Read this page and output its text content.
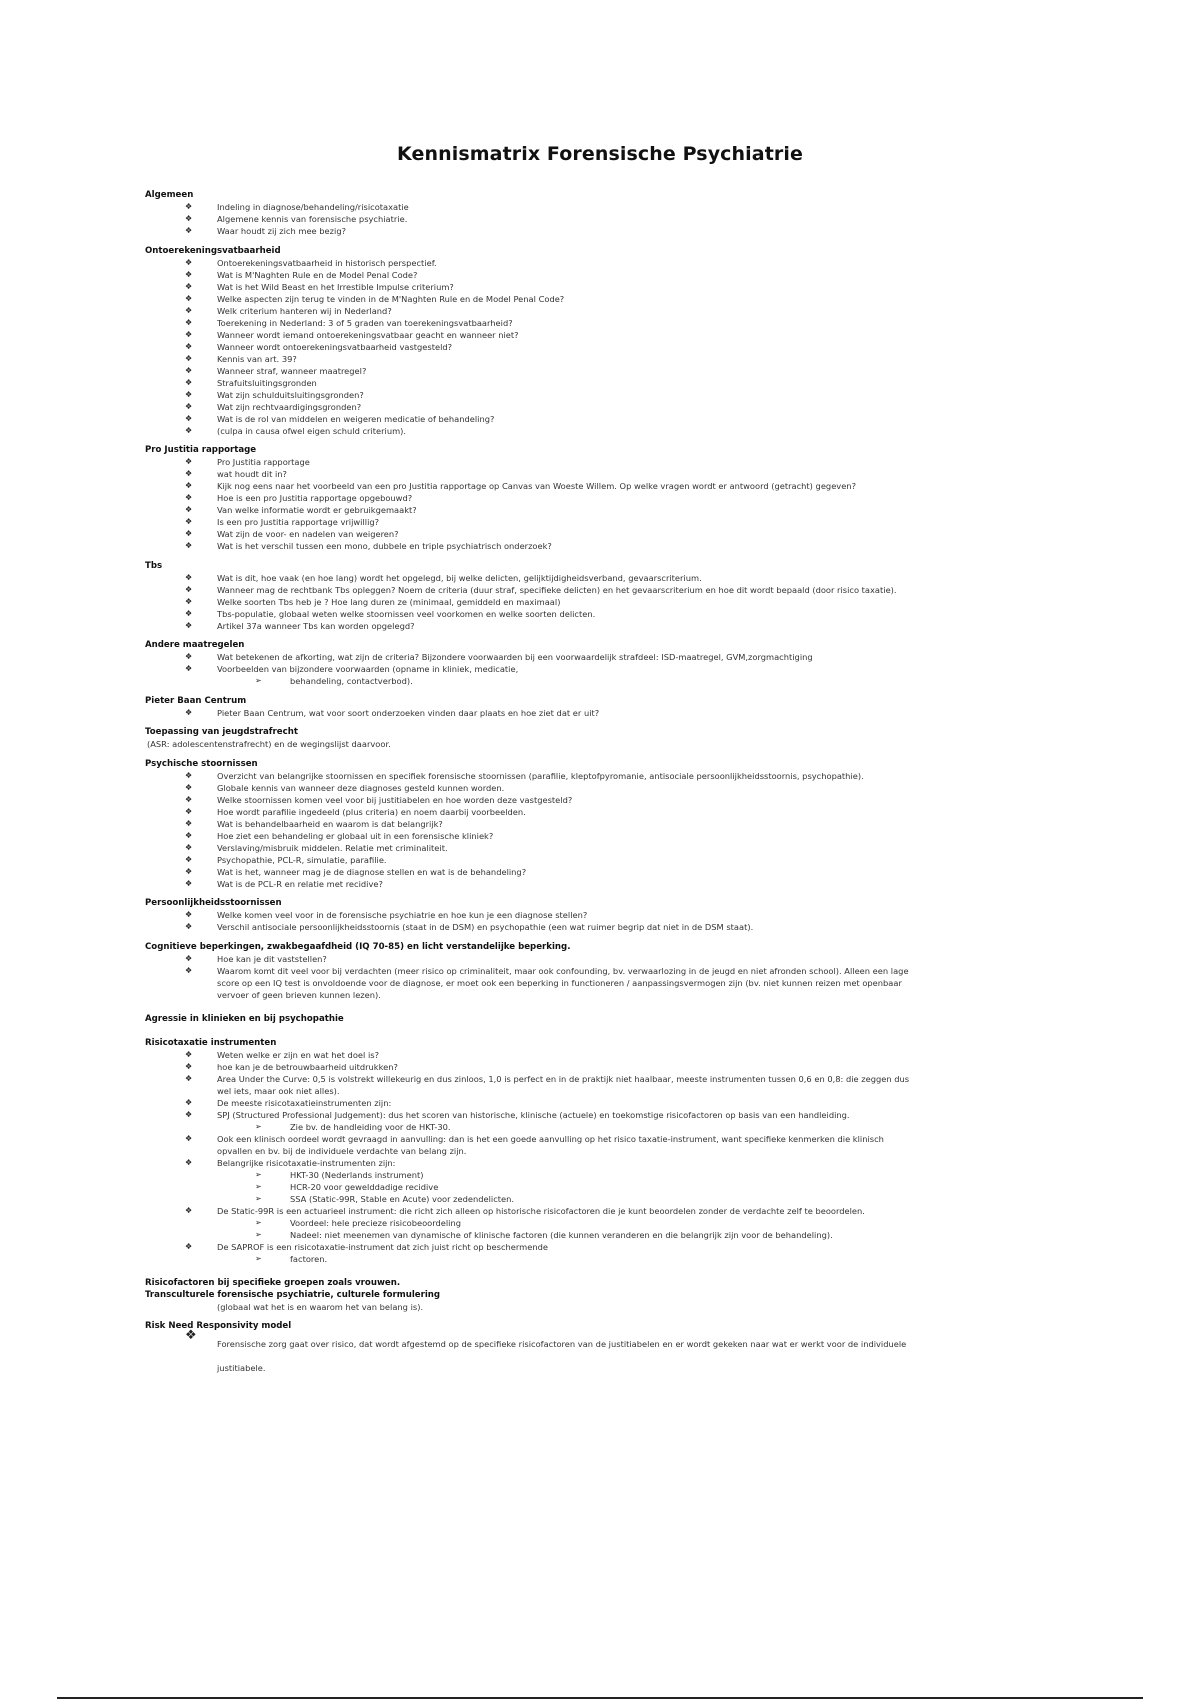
Kennismatrix Forensische Psychiatrie
Algemeen
❖	Indeling in diagnose/behandeling/risicotaxatie
❖	Algemene kennis van forensische psychiatrie.
❖	Waar houdt zij zich mee bezig?
Ontoerekeningsvatbaarheid
❖	Ontoerekeningsvatbaarheid in historisch perspectief.
❖	Wat is M'Naghten Rule en de Model Penal Code?
❖	Wat is het Wild Beast en het Irrestible Impulse criterium?
❖	Welke aspecten zijn terug te vinden in de M'Naghten Rule en de Model Penal Code?
❖	Welk criterium hanteren wij in Nederland?
❖	Toerekening in Nederland: 3 of 5 graden van toerekeningsvatbaarheid?
❖	Wanneer wordt iemand ontoerekeningsvatbaar geacht en wanneer niet?
❖	Wanneer wordt ontoerekeningsvatbaarheid vastgesteld?
❖	Kennis van art. 39?
❖	Wanneer straf, wanneer maatregel?
❖	Strafuitsluitingsgronden
❖	Wat zijn schulduitsluitingsgronden?
❖	Wat zijn rechtvaardigingsgronden?
❖	Wat is de rol van middelen en weigeren medicatie of behandeling?
❖	(culpa in causa ofwel eigen schuld criterium).
Pro Justitia rapportage
❖	Pro Justitia rapportage
❖	wat houdt dit in?
❖	Kijk nog eens naar het voorbeeld van een pro Justitia rapportage op Canvas van Woeste Willem. Op welke vragen wordt er antwoord (getracht) gegeven?
❖	Hoe is een pro Justitia rapportage opgebouwd?
❖	Van welke informatie wordt er gebruikgemaakt?
❖	Is een pro Justitia rapportage vrijwillig?
❖	Wat zijn de voor- en nadelen van weigeren?
❖	Wat is het verschil tussen een mono, dubbele en triple psychiatrisch onderzoek?
Tbs
❖	Wat is dit, hoe vaak (en hoe lang) wordt het opgelegd, bij welke delicten, gelijktijdigheidsverband, gevaarscriterium.
❖	Wanneer mag de rechtbank Tbs opleggen? Noem de criteria (duur straf, specifieke delicten) en het gevaarscriterium en hoe dit wordt bepaald (door risico taxatie).
❖	Welke soorten Tbs heb je ? Hoe lang duren ze (minimaal, gemiddeld en maximaal)
❖	Tbs-populatie, globaal weten welke stoornissen veel voorkomen en welke soorten delicten.
❖	Artikel 37a wanneer Tbs kan worden opgelegd?
Andere maatregelen
❖	Wat betekenen de afkorting, wat zijn de criteria? Bijzondere voorwaarden bij een voorwaardelijk strafdeel: ISD-maatregel, GVM,zorgmachtiging
❖	Voorbeelden van bijzondere voorwaarden (opname in kliniek, medicatie,
➢	behandeling, contactverbod).
Pieter Baan Centrum
❖	Pieter Baan Centrum, wat voor soort onderzoeken vinden daar plaats en hoe ziet dat er uit?
Toepassing van jeugdstrafrecht
(ASR: adolescentenstrafrecht) en de wegingslijst daarvoor.
Psychische stoornissen
❖	Overzicht van belangrijke stoornissen en specifiek forensische stoornissen (parafilie, kleptofpyromanie, antisociale persoonlijkheidsstoornis, psychopathie).
❖	Globale kennis van wanneer deze diagnoses gesteld kunnen worden.
❖	Welke stoornissen komen veel voor bij justitiabelen en hoe worden deze vastgesteld?
❖	Hoe wordt parafilie ingedeeld (plus criteria) en noem daarbij voorbeelden.
❖	Wat is behandelbaarheid en waarom is dat belangrijk?
❖	Hoe ziet een behandeling er globaal uit in een forensische kliniek?
❖	Verslaving/misbruik middelen. Relatie met criminaliteit.
❖	Psychopathie, PCL-R, simulatie, parafilie.
❖	Wat is het, wanneer mag je de diagnose stellen en wat is de behandeling?
❖	Wat is de PCL-R en relatie met recidive?
Persoonlijkheidsstoornissen
❖	Welke komen veel voor in de forensische psychiatrie en hoe kun je een diagnose stellen?
❖	Verschil antisociale persoonlijkheidsstoornis (staat in de DSM) en psychopathie (een wat ruimer begrip dat niet in de DSM staat).
Cognitieve beperkingen, zwakbegaafdheid (IQ 70-85) en licht verstandelijke beperking.
❖	Hoe kan je dit vaststellen?
❖	Waarom komt dit veel voor bij verdachten (meer risico op criminaliteit, maar ook confounding, bv. verwaarlozing in de jeugd en niet afronden school). Alleen een lage
score op een IQ test is onvoldoende voor de diagnose, er moet ook een beperking in functioneren / aanpassingsvermogen zijn (bv. niet kunnen reizen met openbaar
vervoer of geen brieven kunnen lezen).
Agressie in klinieken en bij psychopathie
Risicotaxatie instrumenten
❖	Weten welke er zijn en wat het doel is?
❖	hoe kan je de betrouwbaarheid uitdrukken?
❖	Area Under the Curve: 0,5 is volstrekt willekeurig en dus zinloos, 1,0 is perfect en in de praktijk niet haalbaar, meeste instrumenten tussen 0,6 en 0,8: die zeggen dus
wel iets, maar ook niet alles).
❖	De meeste risicotaxatieinstrumenten zijn:
❖	SPJ (Structured Professional Judgement): dus het scoren van historische, klinische (actuele) en toekomstige risicofactoren op basis van een handleiding.
➢	Zie bv. de handleiding voor de HKT-30.
❖	Ook een klinisch oordeel wordt gevraagd in aanvulling: dan is het een goede aanvulling op het risico taxatie-instrument, want specifieke kenmerken die klinisch
opvallen en bv. bij de individuele verdachte van belang zijn.
❖	Belangrijke risicotaxatie-instrumenten zijn:
➢	HKT-30 (Nederlands instrument)
➢	HCR-20 voor gewelddadige recidive
➢	SSA (Static-99R, Stable en Acute) voor zedendelicten.
❖	De Static-99R is een actuarieel instrument: die richt zich alleen op historische risicofactoren die je kunt beoordelen zonder de verdachte zelf te beoordelen.
➢	Voordeel: hele precieze risicobeoordeling
➢	Nadeel: niet meenemen van dynamische of klinische factoren (die kunnen veranderen en die belangrijk zijn voor de behandeling).
❖	De SAPROF is een risicotaxatie-instrument dat zich juist richt op beschermende
➢	factoren.
Risicofactoren bij specifieke groepen zoals vrouwen.
Transculturele forensische psychiatrie, culturele formulering
(globaal wat het is en waarom het van belang is).
Risk Need Responsivity model
❖
Forensische zorg gaat over risico, dat wordt afgestemd op de specifieke risicofactoren van de justitiabelen en er wordt gekeken naar wat er werkt voor de individuele
justitiabele.
